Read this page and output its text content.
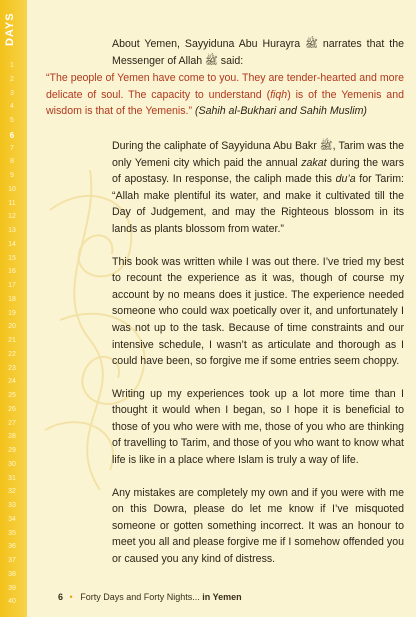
DAYS
1
2
3
4
5
6
7
8
9
10
11
12
13
14
15
16
17
18
19
20
21
22
23
24
25
26
27
28
29
30
31
32
33
34
35
36
37
38
39
40

About Yemen, Sayyiduna Abu Hurayra ﷺ narrates that the Messenger of Allah ﷺ said:

“The people of Yemen have come to you. They are tender-hearted and more delicate of soul. The capacity to understand (fiqh) is of the Yemenis and wisdom is that of the Yemenis.” (Sahih al-Bukhari and Sahih Muslim)

During the caliphate of Sayyiduna Abu Bakr ﷺ, Tarim was the only Yemeni city which paid the annual zakat during the wars of apostasy. In response, the caliph made this du’a for Tarim: “Allah make plentiful its water, and make it cultivated till the Day of Judgement, and may the Righteous blossom in its lands as plants blossom from water.”

This book was written while I was out there. I’ve tried my best to recount the experience as it was, though of course my account by no means does it justice. The experience needed someone who could wax poetically over it, and unfortunately I was not up to the task. Because of time constraints and our intensive schedule, I wasn’t as articulate and thorough as I could have been, so forgive me if some entries seem choppy.

Writing up my experiences took up a lot more time than I thought it would when I began, so I hope it is beneficial to those of you who were with me, those of you who are thinking of travelling to Tarim, and those of you who want to know what life is like in a place where Islam is truly a way of life.

Any mistakes are completely my own and if you were with me on this Dowra, please do let me know if I’ve misquoted someone or gotten something incorrect. It was an honour to meet you all and please forgive me if I somehow offended you or caused you any kind of distress.

6 • Forty Days and Forty Nights... in Yemen
